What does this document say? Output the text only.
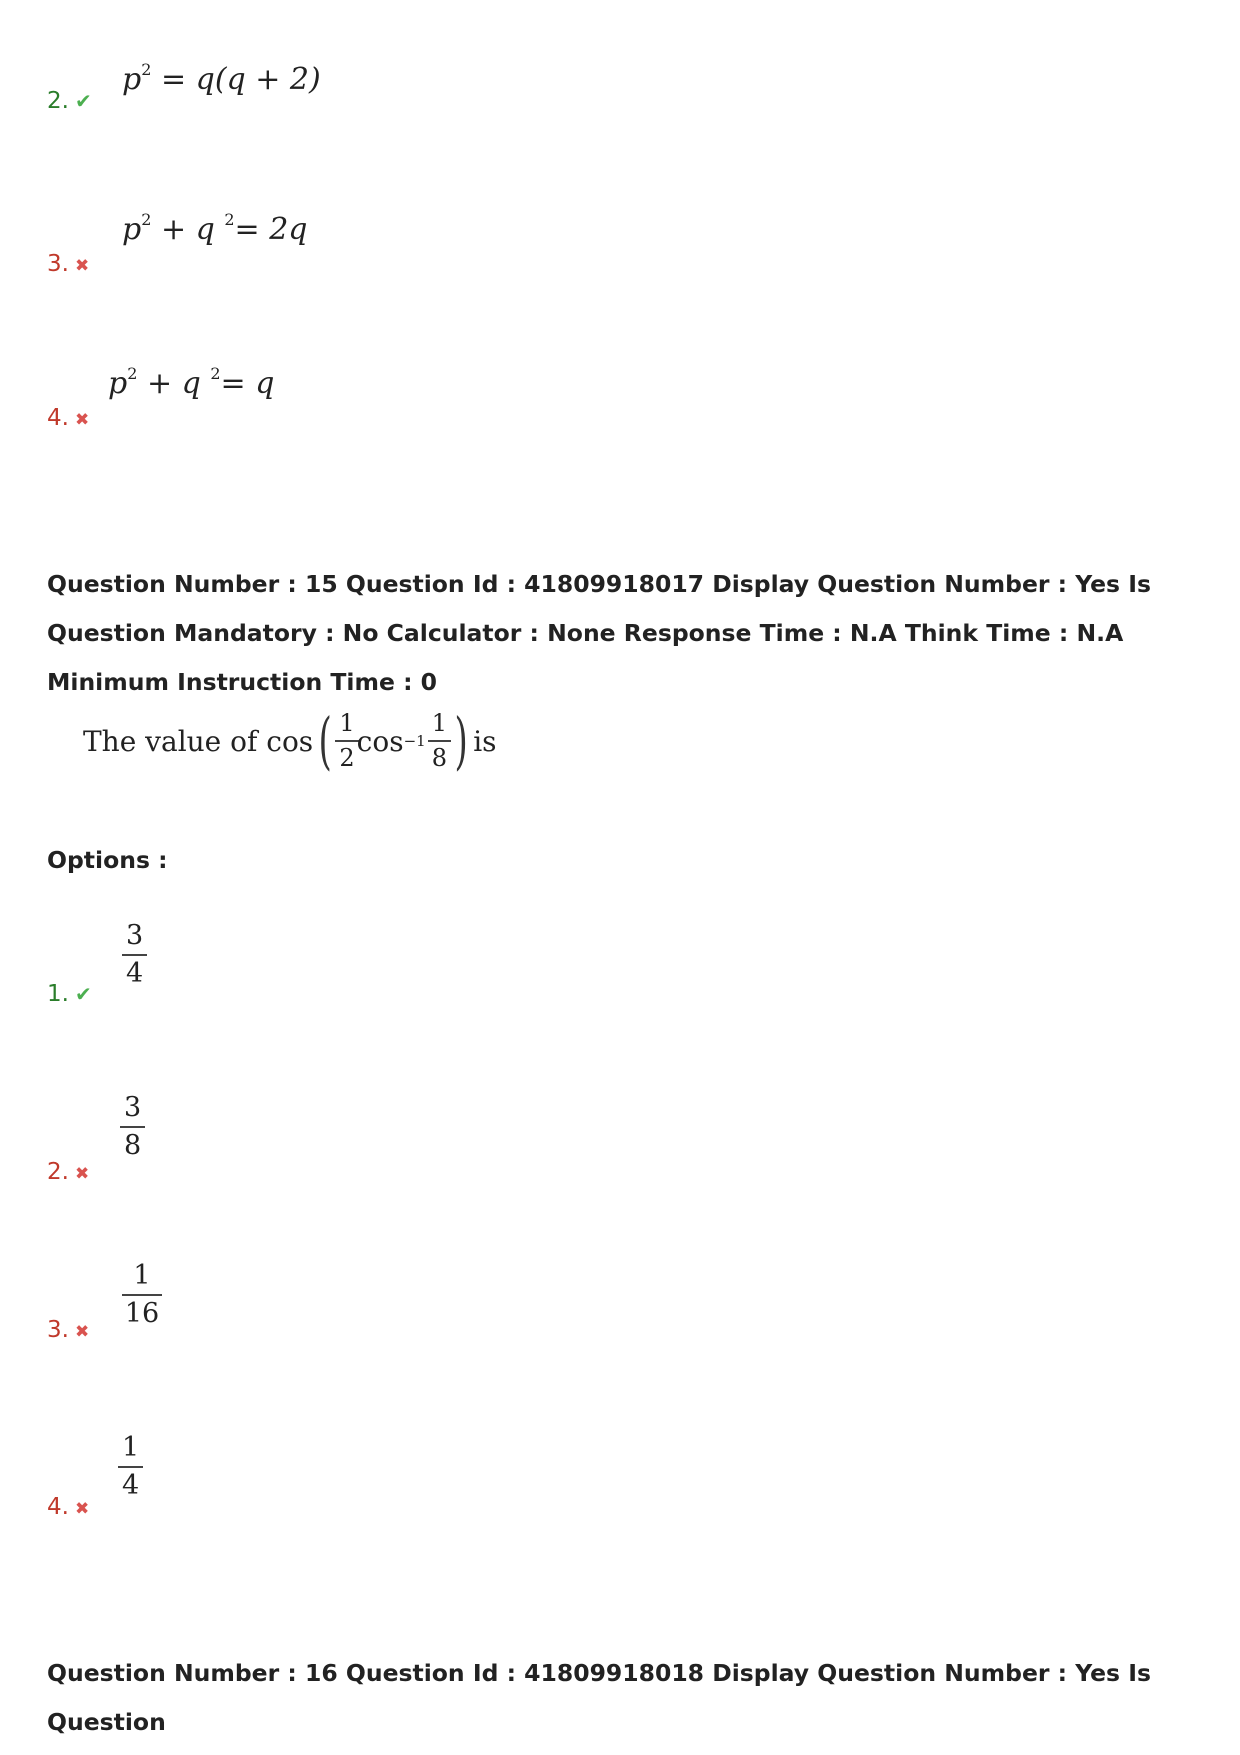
2. ✔
$p^2 = q(q + 2)$
3. ✖
$p^2 + q$ $^2$= 2q
4. ✖
$p^2 + q$ $^2$= q
Question Number : 15 Question Id : 41809918017 Display Question Number : Yes Is Question Mandatory : No Calculator : None Response Time : N.A Think Time : N.A Minimum Instruction Time : 0
The value of cos ( $\frac{1}{2}$ $\cos -1 \frac{1}{8}$ ) is
Options :
1. ✔
3
4
2. ✖
3
8
3. ✖
1
16
4. ✖
1
4
Question Number : 16 Question Id : 41809918018 Display Question Number : Yes Is Question
